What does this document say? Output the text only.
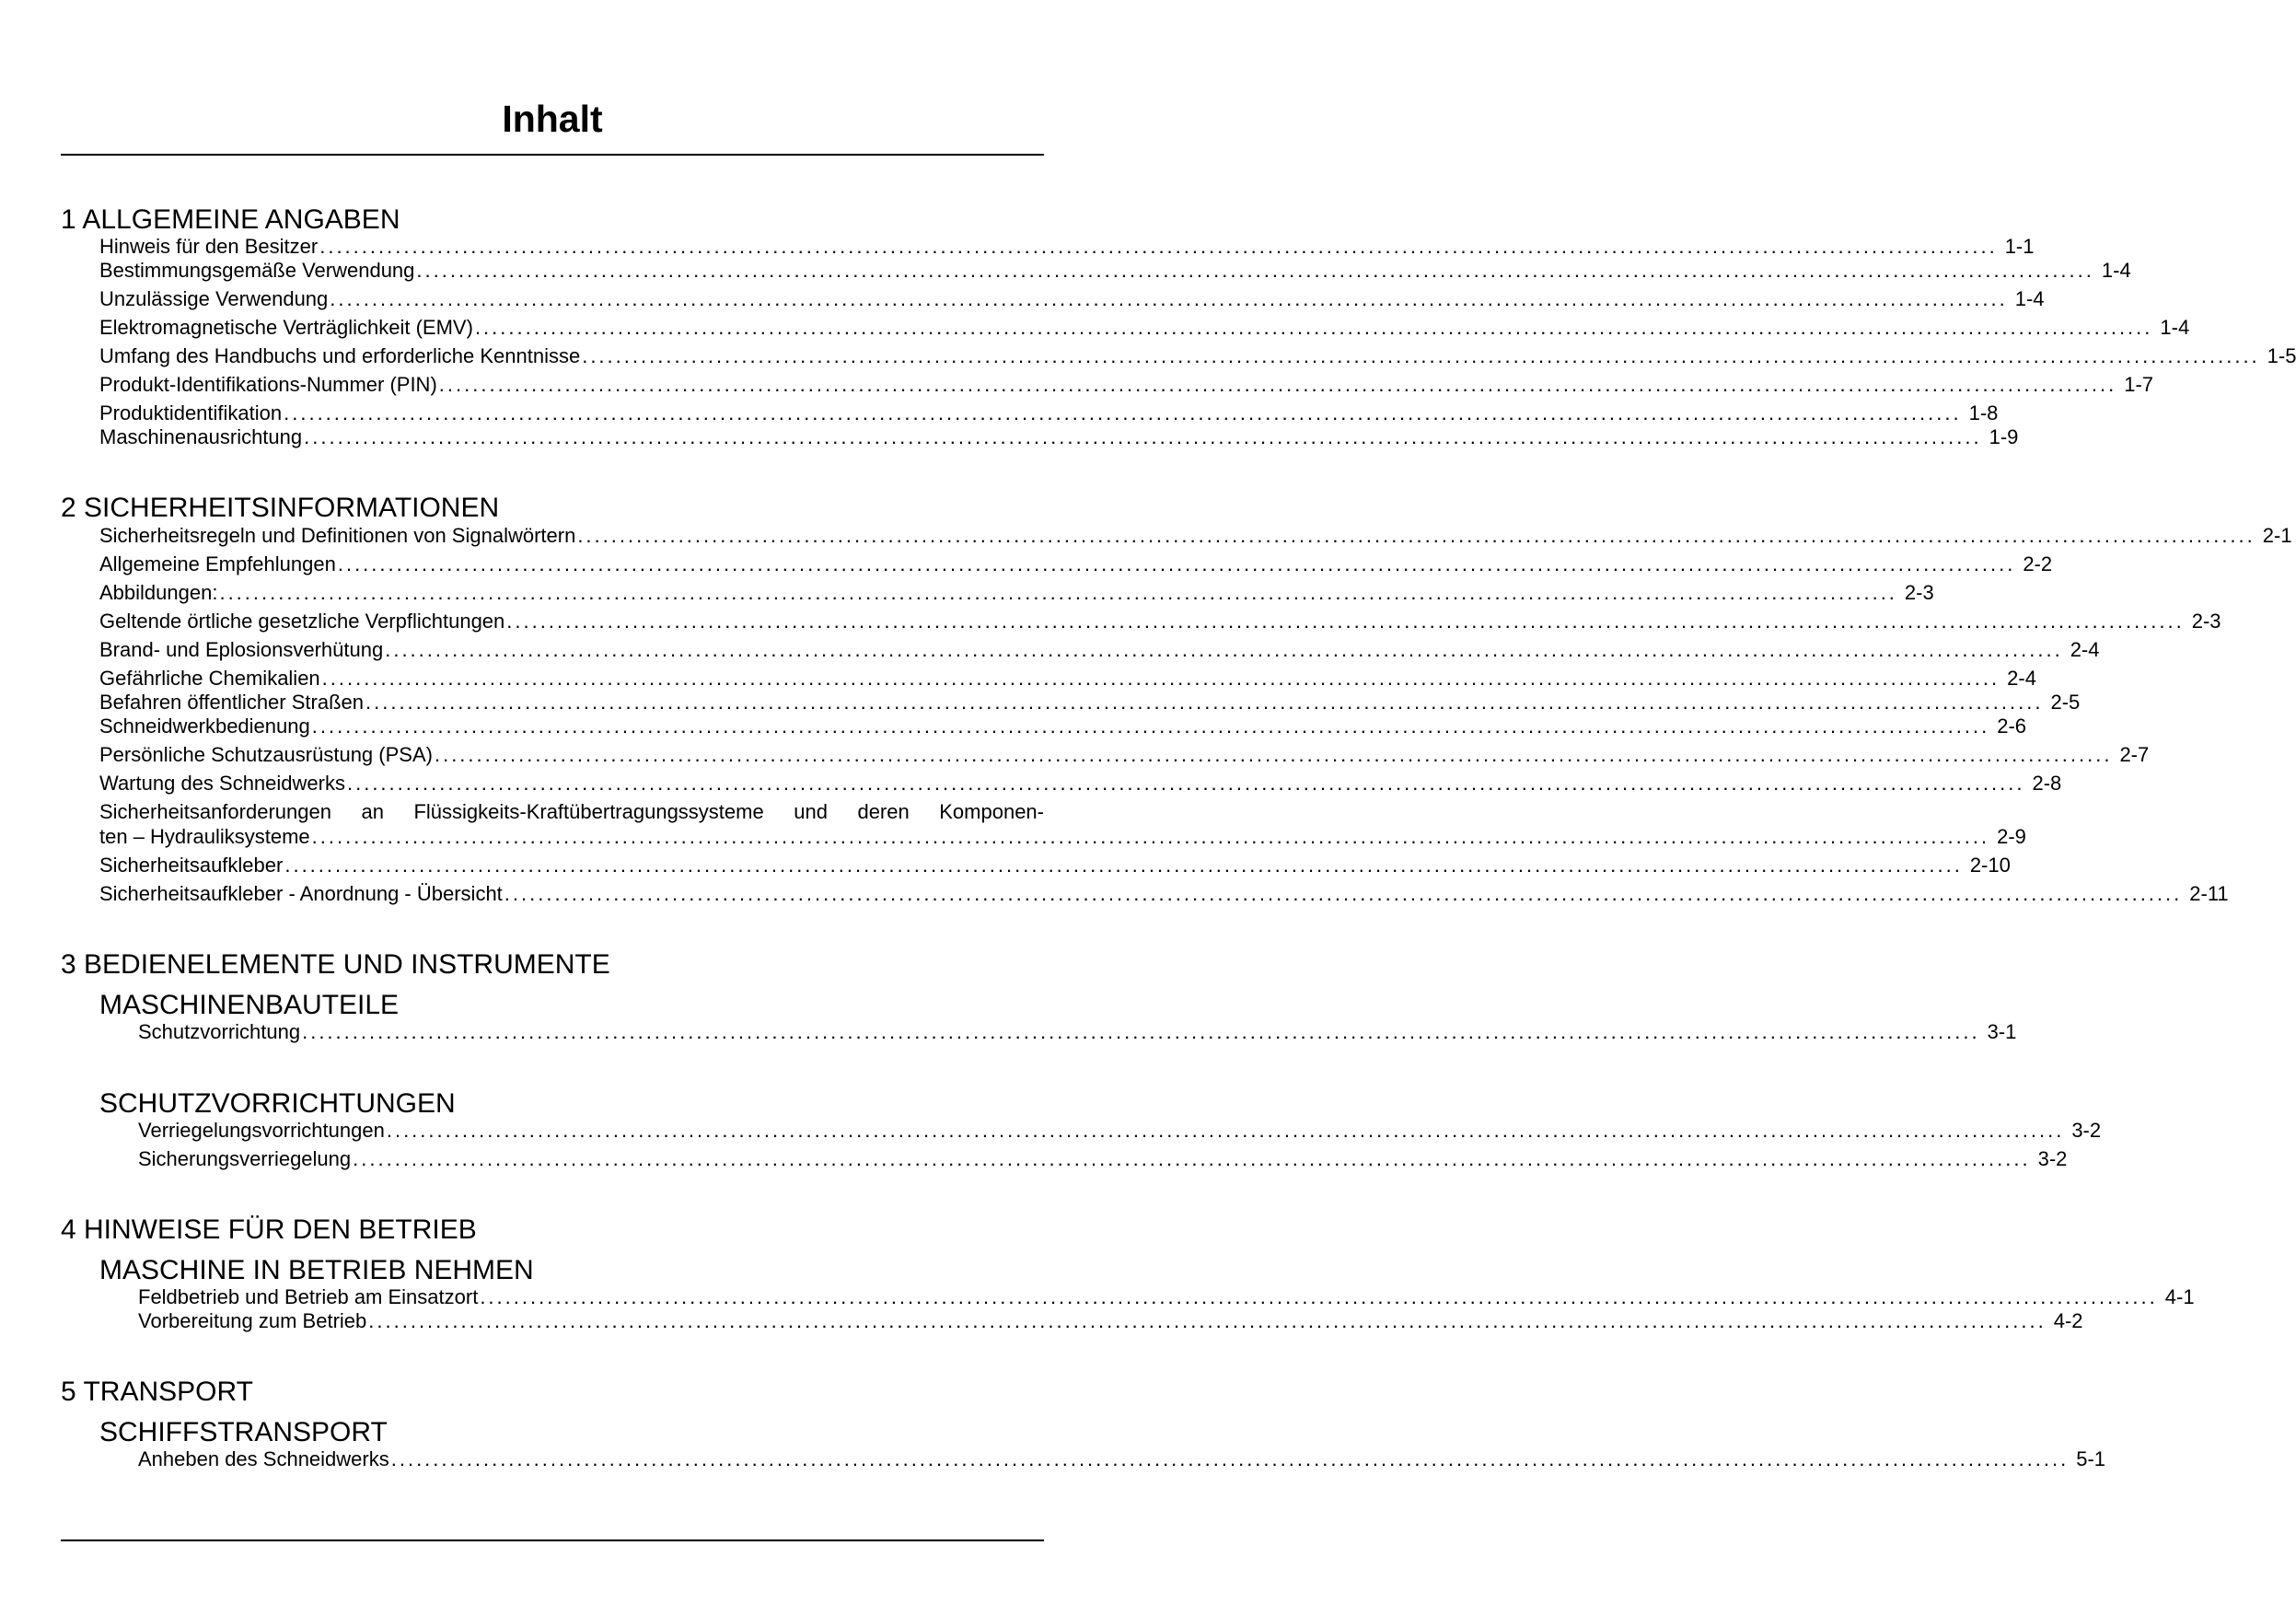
Inhalt
1 ALLGEMEINE ANGABEN
Hinweis für den Besitzer ........................................................................................................................................................................................................ 1-1
Bestimmungsgemäße Verwendung ........................................................................................................................................................................................................ 1-4
Unzulässige Verwendung ........................................................................................................................................................................................................ 1-4
Elektromagnetische Verträglichkeit (EMV) ........................................................................................................................................................................................................ 1-4
Umfang des Handbuchs und erforderliche Kenntnisse ........................................................................................................................................................................................................ 1-5
Produkt-Identifikations-Nummer (PIN) ........................................................................................................................................................................................................ 1-7
Produktidentifikation ........................................................................................................................................................................................................ 1-8
Maschinenausrichtung ........................................................................................................................................................................................................ 1-9
2 SICHERHEITSINFORMATIONEN
Sicherheitsregeln und Definitionen von Signalwörtern ........................................................................................................................................................................................................ 2-1
Allgemeine Empfehlungen ........................................................................................................................................................................................................ 2-2
Abbildungen: ........................................................................................................................................................................................................ 2-3
Geltende örtliche gesetzliche Verpflichtungen ........................................................................................................................................................................................................ 2-3
Brand- und Eplosionsverhütung ........................................................................................................................................................................................................ 2-4
Gefährliche Chemikalien ........................................................................................................................................................................................................ 2-4
Befahren öffentlicher Straßen ........................................................................................................................................................................................................ 2-5
Schneidwerkbedienung ........................................................................................................................................................................................................ 2-6
Persönliche Schutzausrüstung (PSA) ........................................................................................................................................................................................................ 2-7
Wartung des Schneidwerks ........................................................................................................................................................................................................ 2-8
Sicherheitsanforderungen an Flüssigkeits-Kraftübertragungssysteme und deren Komponen-
ten – Hydrauliksysteme ........................................................................................................................................................................................................ 2-9
Sicherheitsaufkleber ........................................................................................................................................................................................................ 2-10
Sicherheitsaufkleber - Anordnung - Übersicht ........................................................................................................................................................................................................ 2-11
3 BEDIENELEMENTE UND INSTRUMENTE
MASCHINENBAUTEILE
Schutzvorrichtung ........................................................................................................................................................................................................ 3-1
SCHUTZVORRICHTUNGEN
Verriegelungsvorrichtungen ........................................................................................................................................................................................................ 3-2
Sicherungsverriegelung ........................................................................................................................................................................................................ 3-2
4 HINWEISE FÜR DEN BETRIEB
MASCHINE IN BETRIEB NEHMEN
Feldbetrieb und Betrieb am Einsatzort ........................................................................................................................................................................................................ 4-1
Vorbereitung zum Betrieb ........................................................................................................................................................................................................ 4-2
5 TRANSPORT
SCHIFFSTRANSPORT
Anheben des Schneidwerks ........................................................................................................................................................................................................ 5-1
